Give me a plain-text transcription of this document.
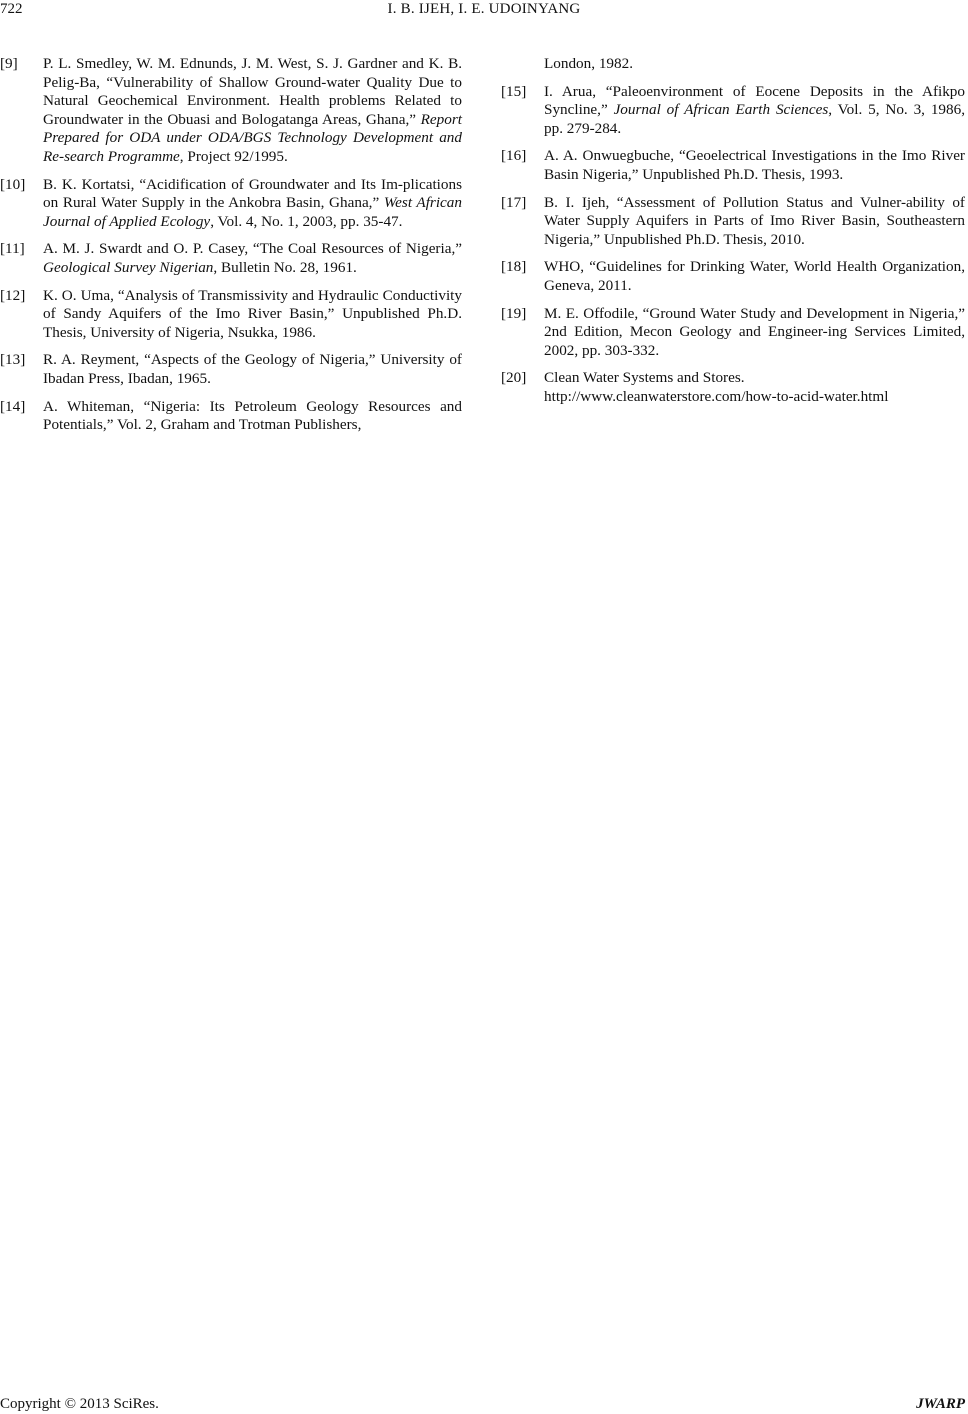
722	I. B. IJEH, I. E. UDOINYANG
[9] P. L. Smedley, W. M. Ednunds, J. M. West, S. J. Gardner and K. B. Pelig-Ba, “Vulnerability of Shallow Ground-water Quality Due to Natural Geochemical Environment. Health problems Related to Groundwater in the Obuasi and Bologatanga Areas, Ghana,” Report Prepared for ODA under ODA/BGS Technology Development and Re-search Programme, Project 92/1995.
[10] B. K. Kortatsi, “Acidification of Groundwater and Its Im-plications on Rural Water Supply in the Ankobra Basin, Ghana,” West African Journal of Applied Ecology, Vol. 4, No. 1, 2003, pp. 35-47.
[11] A. M. J. Swardt and O. P. Casey, “The Coal Resources of Nigeria,” Geological Survey Nigerian, Bulletin No. 28, 1961.
[12] K. O. Uma, “Analysis of Transmissivity and Hydraulic Conductivity of Sandy Aquifers of the Imo River Basin,” Unpublished Ph.D. Thesis, University of Nigeria, Nsukka, 1986.
[13] R. A. Reyment, “Aspects of the Geology of Nigeria,” University of Ibadan Press, Ibadan, 1965.
[14] A. Whiteman, “Nigeria: Its Petroleum Geology Resources and Potentials,” Vol. 2, Graham and Trotman Publishers,
London, 1982.
[15] I. Arua, “Paleoenvironment of Eocene Deposits in the Afikpo Syncline,” Journal of African Earth Sciences, Vol. 5, No. 3, 1986, pp. 279-284.
[16] A. A. Onwuegbuche, “Geoelectrical Investigations in the Imo River Basin Nigeria,” Unpublished Ph.D. Thesis, 1993.
[17] B. I. Ijeh, “Assessment of Pollution Status and Vulner-ability of Water Supply Aquifers in Parts of Imo River Basin, Southeastern Nigeria,” Unpublished Ph.D. Thesis, 2010.
[18] WHO, “Guidelines for Drinking Water, World Health Organization, Geneva, 2011.
[19] M. E. Offodile, “Ground Water Study and Development in Nigeria,” 2nd Edition, Mecon Geology and Engineer-ing Services Limited, 2002, pp. 303-332.
[20] Clean Water Systems and Stores.
http://www.cleanwaterstore.com/how-to-acid-water.html
Copyright © 2013 SciRes.	JWARP
